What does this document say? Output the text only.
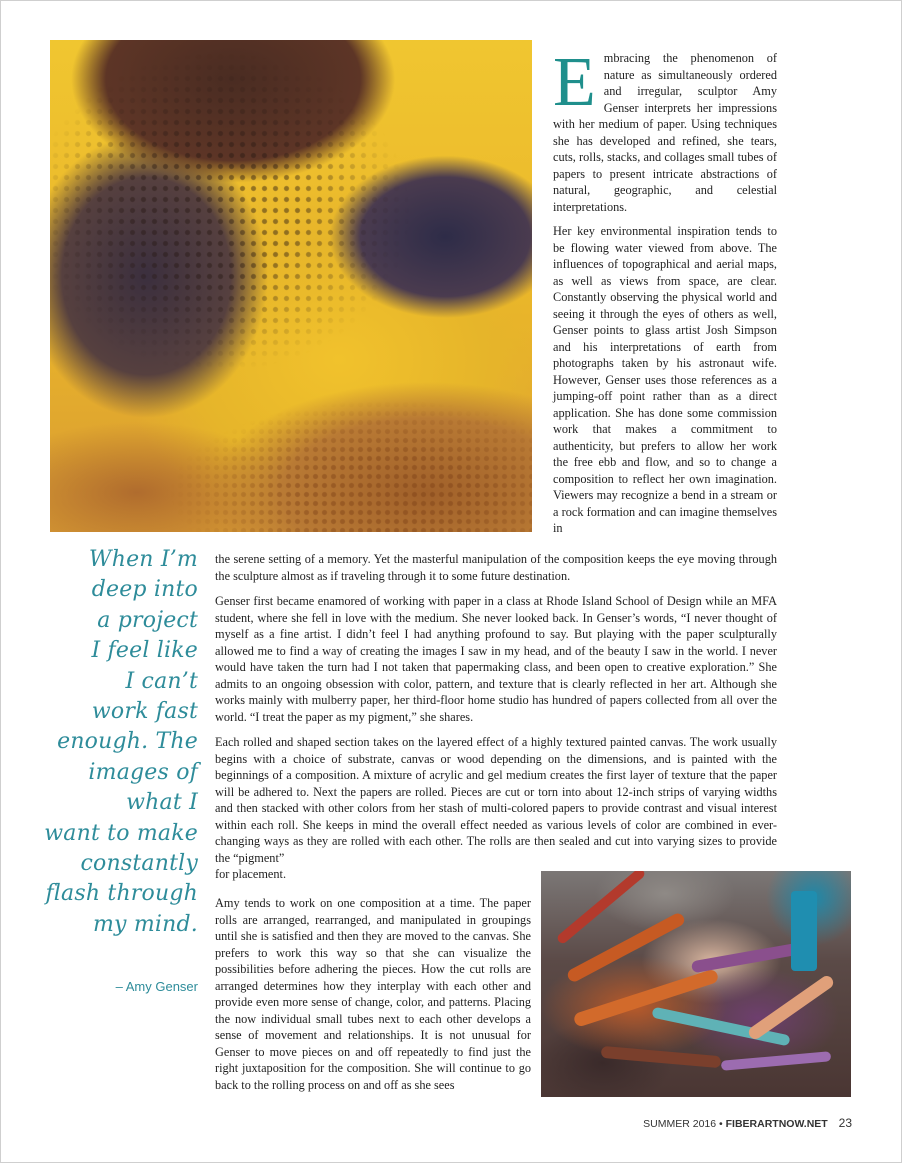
Embracing the phenomenon of nature as simultaneously ordered and irregular, sculptor Amy Genser interprets her impressions with her medium of paper. Using techniques she has developed and refined, she tears, cuts, rolls, stacks, and collages small tubes of papers to present intricate abstractions of natural, geographic, and celestial interpretations.

Her key environmental inspiration tends to be flowing water viewed from above. The influences of topographical and aerial maps, as well as views from space, are clear. Constantly observing the physical world and seeing it through the eyes of others as well, Genser points to glass artist Josh Simpson and his interpretations of earth from photographs taken by his astronaut wife. However, Genser uses those references as a jumping-off point rather than as a direct application. She has done some commission work that makes a commitment to authenticity, but prefers to allow her work the free ebb and flow, and so to change a composition to reflect her own imagination. Viewers may recognize a bend in a stream or a rock formation and can imagine themselves in

When I’m
deep into
a project
I feel like
I can’t
work fast
enough. The
images of
what I
want to make
constantly
flash through
my mind.
– Amy Genser

the serene setting of a memory. Yet the masterful manipulation of the composition keeps the eye moving through the sculpture almost as if traveling through it to some future destination.

Genser first became enamored of working with paper in a class at Rhode Island School of Design while an MFA student, where she fell in love with the medium. She never looked back. In Genser’s words, “I never thought of myself as a fine artist. I didn’t feel I had anything profound to say. But playing with the paper sculpturally allowed me to find a way of creating the images I saw in my head, and of the beauty I saw in the world. I never would have taken the turn had I not taken that papermaking class, and been open to creative exploration.” She admits to an ongoing obsession with color, pattern, and texture that is clearly reflected in her art. Although she works mainly with mulberry paper, her third-floor home studio has hundred of papers collected from all over the world. “I treat the paper as my pigment,” she shares.

Each rolled and shaped section takes on the layered effect of a highly textured painted canvas. The work usually begins with a choice of substrate, canvas or wood depending on the dimensions, and is painted with the beginnings of a composition. A mixture of acrylic and gel medium creates the first layer of texture that the paper will be adhered to. Next the papers are rolled. Pieces are cut or torn into about 12-inch strips of varying widths and then stacked with other colors from her stash of multi-colored papers to provide contrast and visual interest within each roll. She keeps in mind the overall effect needed as various levels of color are combined in ever-changing ways as they are rolled with each other. The rolls are then sealed and cut into varying sizes to provide the “pigment”
for placement.

Amy tends to work on one composition at a time. The paper rolls are arranged, rearranged, and manipulated in groupings until she is satisfied and then they are moved to the canvas. She prefers to work this way so that she can visualize the possibilities before adhering the pieces. How the cut rolls are arranged determines how they interplay with each other and provide even more sense of change, color, and patterns. Placing the now individual small tubes next to each other develops a sense of movement and relationships. It is not unusual for Genser to move pieces on and off repeatedly to find just the right juxtaposition for the composition. She will continue to go back to the rolling process on and off as she sees

SUMMER 2016 • FIBERARTNOW.NET 23
